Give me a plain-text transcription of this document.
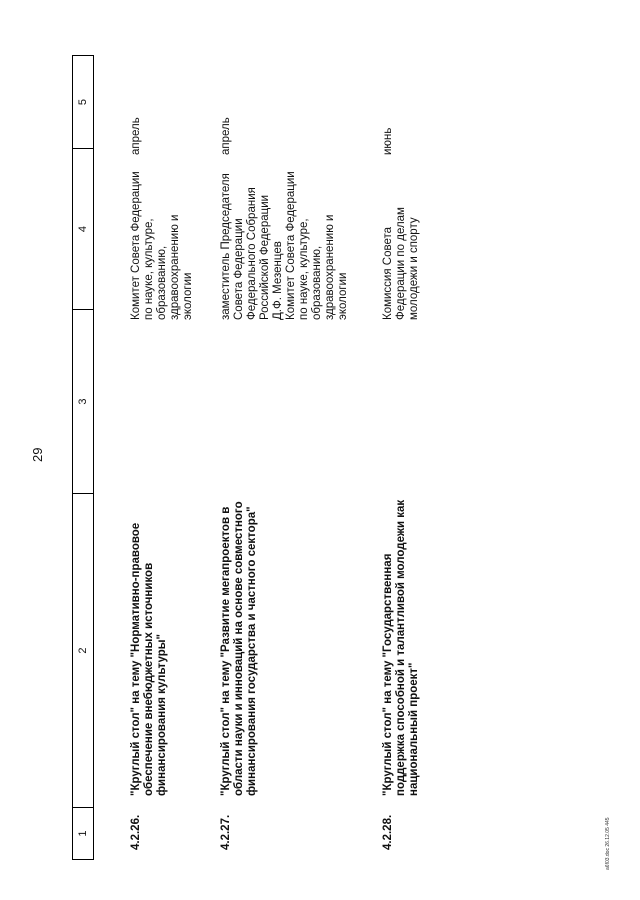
29
1
2
3
4
5
4.2.26.
"Круглый стол" на тему "Нормативно-правовое обеспечение внебюджетных источников финансирования культуры"
Комитет Совета Федерации по науке, культуре, образованию, здравоохранению и экологии
апрель
4.2.27.
"Круглый стол" на тему "Развитие мегапроектов в области науки и инноваций на основе совместного финансирования государства и частного сектора"
заместитель Председателя Совета Федерации Федерального Собрания Российской Федерации Д.Ф. Мезенцев Комитет Совета Федерации по науке, культуре, образованию, здравоохранению и экологии
апрель
4.2.28.
"Круглый стол" на тему "Государственная поддержка способной и талантливой молодежи как национальный проект"
Комиссия Совета Федерации по делам молодежи и спорту
июнь
a6f03.doc 26.12.05 445
